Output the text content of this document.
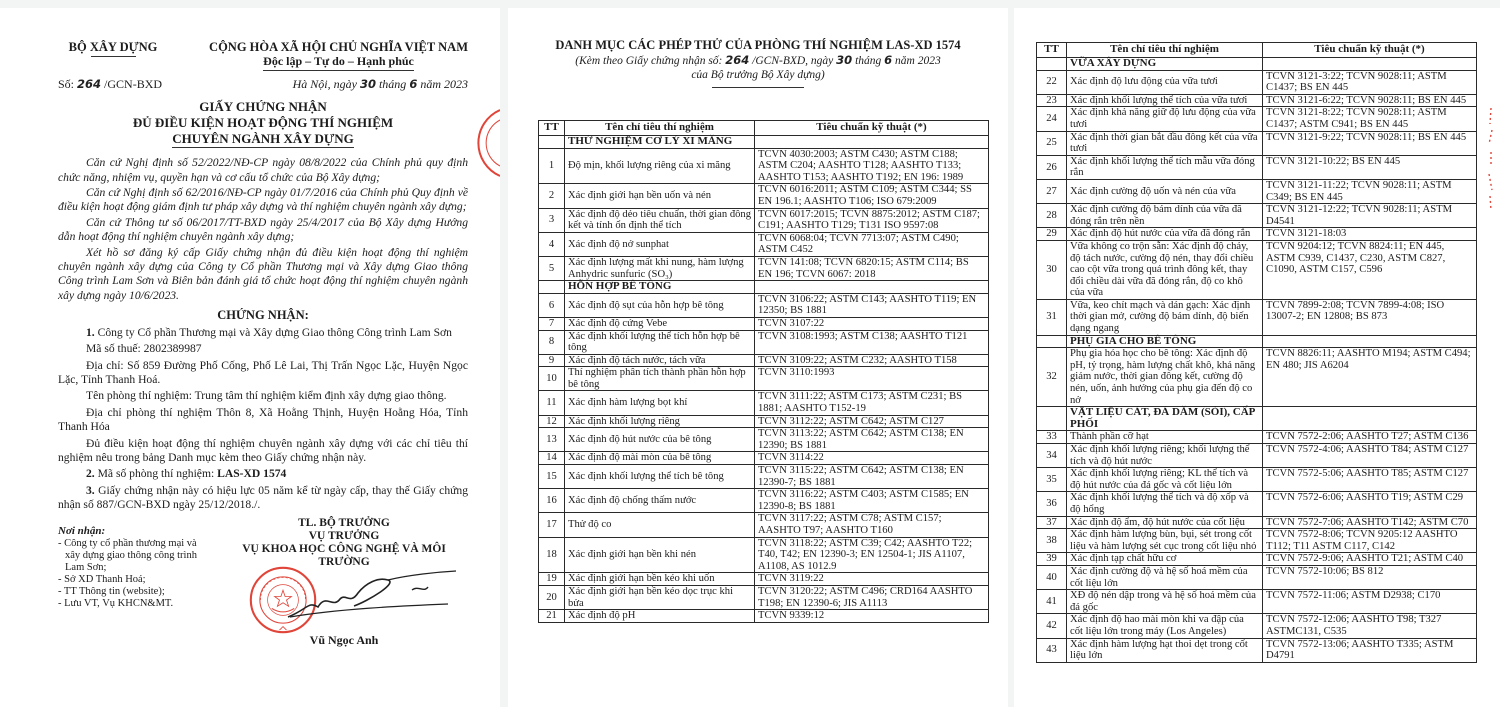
BỘ XÂY DỰNG	CỘNG HÒA XÃ HỘI CHỦ NGHĨA VIỆT NAM
Độc lập – Tự do – Hạnh phúc
Số: 264 /GCN-BXD	Hà Nội, ngày 30 tháng 6 năm 2023
GIẤY CHỨNG NHẬN
ĐỦ ĐIỀU KIỆN HOẠT ĐỘNG THÍ NGHIỆM
CHUYÊN NGÀNH XÂY DỰNG

Căn cứ Nghị định số 52/2022/NĐ-CP ngày 08/8/2022 của Chính phủ quy định chức năng, nhiệm vụ, quyền hạn và cơ cấu tổ chức của Bộ Xây dựng;

Căn cứ Nghị định số 62/2016/NĐ-CP ngày 01/7/2016 của Chính phủ Quy định về điều kiện hoạt động giám định tư pháp xây dựng và thí nghiệm chuyên ngành xây dựng;

Căn cứ Thông tư số 06/2017/TT-BXD ngày 25/4/2017 của Bộ Xây dựng Hướng dẫn hoạt động thí nghiệm chuyên ngành xây dựng;

Xét hồ sơ đăng ký cấp Giấy chứng nhận đủ điều kiện hoạt động thí nghiệm chuyên ngành xây dựng của Công ty Cổ phần Thương mại và Xây dựng Giao thông Công trình Lam Sơn và Biên bản đánh giá tổ chức hoạt động thí nghiệm chuyên ngành xây dựng ngày 10/6/2023.

CHỨNG NHẬN:

1. Công ty Cổ phần Thương mại và Xây dựng Giao thông Công trình Lam Sơn

Mã số thuế: 2802389987

Địa chỉ: Số 859 Đường Phố Cống, Phố Lê Lai, Thị Trấn Ngọc Lặc, Huyện Ngọc Lặc, Tỉnh Thanh Hoá.

Tên phòng thí nghiệm: Trung tâm thí nghiệm kiểm định xây dựng giao thông.

Địa chỉ phòng thí nghiệm Thôn 8, Xã Hoằng Thịnh, Huyện Hoằng Hóa, Tỉnh Thanh Hóa

Đủ điều kiện hoạt động thí nghiệm chuyên ngành xây dựng với các chỉ tiêu thí nghiệm nêu trong bảng Danh mục kèm theo Giấy chứng nhận này.

2. Mã số phòng thí nghiệm: LAS-XD 1574

3. Giấy chứng nhận này có hiệu lực 05 năm kể từ ngày cấp, thay thế Giấy chứng nhận số 887/GCN-BXD ngày 25/12/2018./.

Nơi nhận:
- Công ty cổ phần thương mại và xây dựng giao thông công trình Lam Sơn;
- Sở XD Thanh Hoá;
- TT Thông tin (website);
- Lưu VT, Vụ KHCN&MT.
TL. BỘ TRƯỞNG
VỤ TRƯỞNG
VỤ KHOA HỌC CÔNG NGHỆ VÀ MÔI TRƯỜNG
Vũ Ngọc Anh
DANH MỤC CÁC PHÉP THỬ CỦA PHÒNG THÍ NGHIỆM LAS-XD 1574
(Kèm theo Giấy chứng nhận số: 264 /GCN-BXD, ngày 30 tháng 6 năm 2023
của Bộ trưởng Bộ Xây dựng)
TT	Tên chỉ tiêu thí nghiệm	Tiêu chuẩn kỹ thuật (*)
	THỬ NGHIỆM CƠ LÝ XI MĂNG	
1	Độ mịn, khối lượng riêng của xi măng	TCVN 4030:2003; ASTM C430; ASTM C188; ASTM C204; AASHTO T128; AASHTO T133; AASHTO T153; AASHTO T192; EN 196: 1989
2	Xác định giới hạn bền uốn và nén	TCVN 6016:2011; ASTM C109; ASTM C344; SS EN 196.1; AASHTO T106; ISO 679:2009
3	Xác định độ dẻo tiêu chuẩn, thời gian đông kết và tính ổn định thể tích	TCVN 6017:2015; TCVN 8875:2012; ASTM C187; C191; AASHTO T129; T131 ISO 9597:08
4	Xác định độ nở sunphat	TCVN 6068:04; TCVN 7713:07; ASTM C490; ASTM C452
5	Xác định lượng mất khi nung, hàm lượng Anhydric sunfuric (SO₃)	TCVN 141:08; TCVN 6820:15; ASTM C114; BS EN 196; TCVN 6067: 2018
	HỖN HỢP BÊ TÔNG	
6	Xác định độ sụt của hỗn hợp bê tông	TCVN 3106:22; ASTM C143; AASHTO T119; EN 12350; BS 1881
7	Xác định độ cứng Vebe	TCVN 3107:22
8	Xác định khối lượng thể tích hỗn hợp bê tông	TCVN 3108:1993; ASTM C138; AASHTO T121
9	Xác định độ tách nước, tách vữa	TCVN 3109:22; ASTM C232; AASHTO T158
10	Thí nghiệm phân tích thành phần hỗn hợp bê tông	TCVN 3110:1993
11	Xác định hàm lượng bọt khí	TCVN 3111:22; ASTM C173; ASTM C231; BS 1881; AASHTO T152-19
12	Xác định khối lượng riêng	TCVN 3112:22; ASTM C642; ASTM C127
13	Xác định độ hút nước của bê tông	TCVN 3113:22; ASTM C642; ASTM C138; EN 12390; BS 1881
14	Xác định độ mài mòn của bê tông	TCVN 3114:22
15	Xác định khối lượng thể tích bê tông	TCVN 3115:22; ASTM C642; ASTM C138; EN 12390-7; BS 1881
16	Xác định độ chống thấm nước	TCVN 3116:22; ASTM C403; ASTM C1585; EN 12390-8; BS 1881
17	Thử độ co	TCVN 3117:22; ASTM C78; ASTM C157; AASHTO T97; AASHTO T160
18	Xác định giới hạn bền khi nén	TCVN 3118:22; ASTM C39; C42; AASHTO T22; T40, T42; EN 12390-3; EN 12504-1; JIS A1107, A1108, AS 1012.9
19	Xác định giới hạn bền kéo khi uốn	TCVN 3119:22
20	Xác định giới hạn bền kéo dọc trục khi bửa	TCVN 3120:22; ASTM C496; CRD164 AASHTO T198; EN 12390-6; JIS A1113
21	Xác định độ pH	TCVN 9339:12
TT	Tên chỉ tiêu thí nghiệm	Tiêu chuẩn kỹ thuật (*)
	VỮA XÂY DỰNG	
22	Xác định độ lưu động của vữa tươi	TCVN 3121-3:22; TCVN 9028:11; ASTM C1437; BS EN 445
23	Xác định khối lượng thể tích của vữa tươi	TCVN 3121-6:22; TCVN 9028:11; BS EN 445
24	Xác định khả năng giữ độ lưu động của vữa tươi	TCVN 3121-8:22; TCVN 9028:11; ASTM C1437; ASTM C941; BS EN 445
25	Xác định thời gian bắt đầu đông kết của vữa tươi	TCVN 3121-9:22; TCVN 9028:11; BS EN 445
26	Xác định khối lượng thể tích mẫu vữa đóng rắn	TCVN 3121-10:22; BS EN 445
27	Xác định cường độ uốn và nén của vữa	TCVN 3121-11:22; TCVN 9028:11; ASTM C349; BS EN 445
28	Xác định cường độ bám dính của vữa đã đóng rắn trên nền	TCVN 3121-12:22; TCVN 9028:11; ASTM D4541
29	Xác định độ hút nước của vữa đã đóng rắn	TCVN 3121-18:03
30	Vữa không co trộn sẵn: Xác định độ chảy, độ tách nước, cường độ nén, thay đổi chiều cao cột vữa trong quá trình đông kết, thay đổi chiều dài vữa đã đóng rắn, độ co khô của vữa	TCVN 9204:12; TCVN 8824:11; EN 445, ASTM C939, C1437, C230, ASTM C827, C1090, ASTM C157, C596
31	Vữa, keo chít mạch và dán gạch: Xác định thời gian mở, cường độ bám dính, độ biến dạng ngang	TCVN 7899-2:08; TCVN 7899-4:08; ISO 13007-2; EN 12808; BS 873
	PHỤ GIA CHO BÊ TÔNG	
32	Phụ gia hóa học cho bê tông: Xác định độ pH, tỷ trọng, hàm lượng chất khô, khả năng giảm nước, thời gian đông kết, cường độ nén, uốn, ảnh hưởng của phụ gia đến độ co nở	TCVN 8826:11; AASHTO M194; ASTM C494; EN 480; JIS A6204
	VẬT LIỆU CÁT, ĐÁ DĂM (SỎI), CẤP PHỐI	
33	Thành phần cỡ hạt	TCVN 7572-2:06; AASHTO T27; ASTM C136
34	Xác định khối lượng riêng; khối lượng thể tích và độ hút nước	TCVN 7572-4:06; AASHTO T84; ASTM C127
35	Xác định khối lượng riêng; KL thể tích và độ hút nước của đá gốc và cốt liệu lớn	TCVN 7572-5:06; AASHTO T85; ASTM C127
36	Xác định khối lượng thể tích và độ xốp và độ hổng	TCVN 7572-6:06; AASHTO T19; ASTM C29
37	Xác định độ ẩm, độ hút nước của cốt liệu	TCVN 7572-7:06; AASHTO T142; ASTM C70
38	Xác định hàm lượng bùn, bụi, sét trong cốt liệu và hàm lượng sét cục trong cốt liệu nhỏ	TCVN 7572-8:06; TCVN 9205:12 AASHTO T112; T11 ASTM C117, C142
39	Xác định tạp chất hữu cơ	TCVN 7572-9:06; AASHTO T21; ASTM C40
40	Xác định cường độ và hệ số hoá mềm của cốt liệu lớn	TCVN 7572-10:06; BS 812
41	XĐ độ nén dập trong và hệ số hoá mềm của đá gốc	TCVN 7572-11:06; ASTM D2938; C170
42	Xác định độ hao mài mòn khi va đập của cốt liệu lớn trong máy (Los Angeles)	TCVN 7572-12:06; AASHTO T98; T327 ASTMC131, C535
43	Xác định hàm lượng hạt thoi dẹt trong cốt liệu lớn	TCVN 7572-13:06; AASHTO T335; ASTM D4791
